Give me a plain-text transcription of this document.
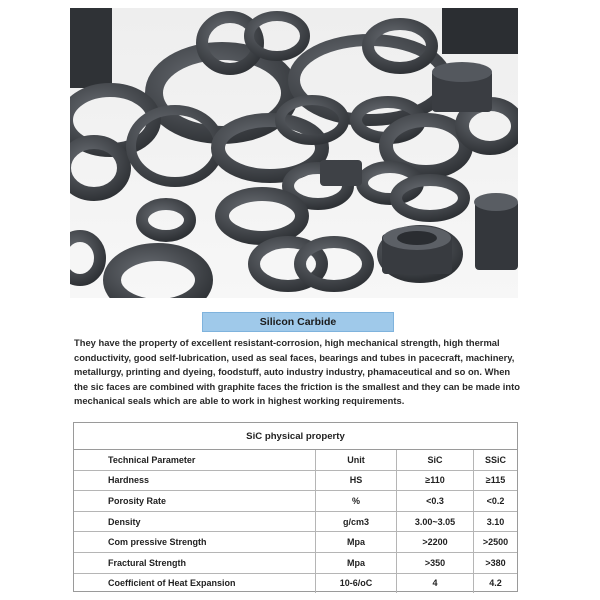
Silicon Carbide

They have the property of excellent resistant-corrosion, high mechanical strength, high thermal conductivity, good self-lubrication, used as seal faces, bearings and tubes in pacecraft, machinery, metallurgy, printing and dyeing, foodstuff, auto industry industry, phamaceutical and so on. When the sic faces are combined with graphite faces the friction is the smallest and they can be made into mechanical seals which are able to work in highest working requirements.

SiC physical property
Technical Parameter	Unit	SiC	SSiC
Hardness	HS	≥110	≥115
Porosity Rate	%	<0.3	<0.2
Density	g/cm3	3.00~3.05	3.10
Com pressive Strength	Mpa	>2200	>2500
Fractural Strength	Mpa	>350	>380
Coefficient of Heat Expansion	10-6/oC	4	4.2
